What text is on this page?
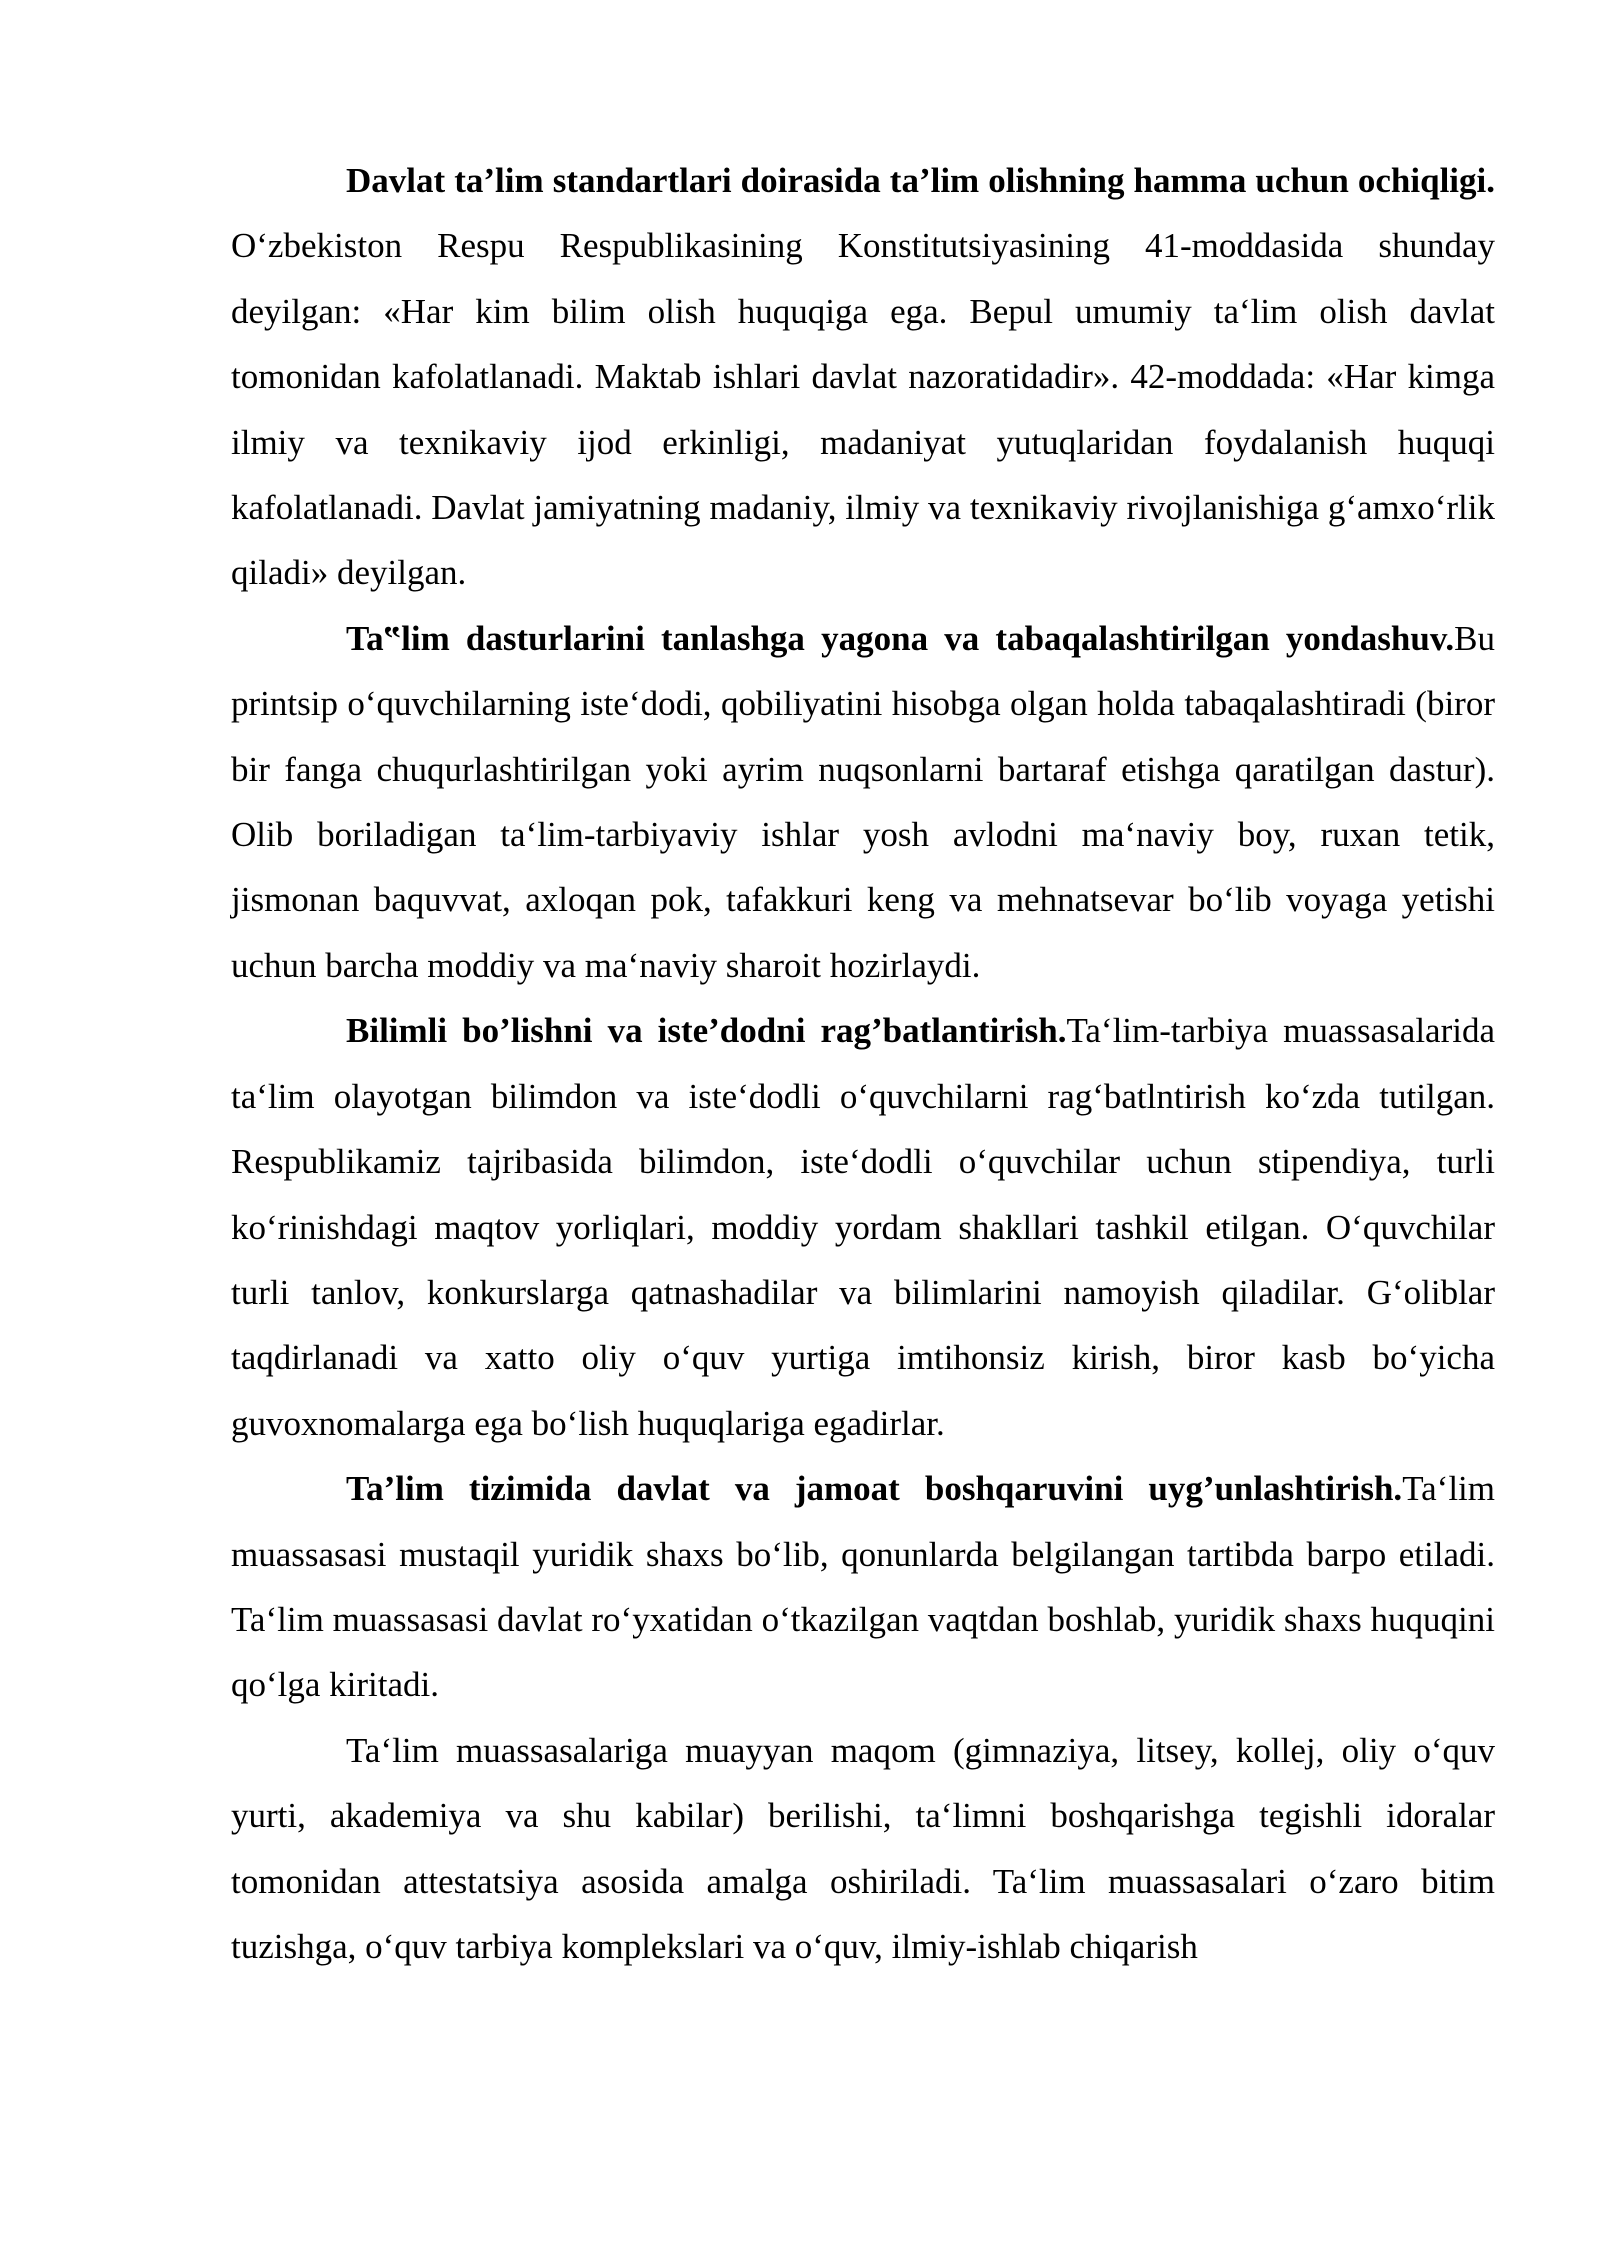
Davlat ta’lim standartlari doirasida ta’lim olishning hamma uchun ochiqligi. O‘zbekiston Respu Respublikasining Konstitutsiyasining 41-moddasida shunday deyilgan: «Har kim bilim olish huquqiga ega. Bepul umumiy ta‘lim olish davlat tomonidan kafolatlanadi. Maktab ishlari davlat nazoratidadir». 42-moddada: «Har kimga ilmiy va texnikaviy ijod erkinligi, madaniyat yutuqlaridan foydalanish huquqi kafolatlanadi. Davlat jamiyatning madaniy, ilmiy va texnikaviy rivojlanishiga g‘amxo‘rlik qiladi» deyilgan.

Ta‟lim dasturlarini tanlashga yagona va tabaqalashtirilgan yondashuv.Bu printsip o‘quvchilarning iste‘dodi, qobiliyatini hisobga olgan holda tabaqalashtiradi (biror bir fanga chuqurlashtirilgan yoki ayrim nuqsonlarni bartaraf etishga qaratilgan dastur). Olib boriladigan ta‘lim-tarbiyaviy ishlar yosh avlodni ma‘naviy boy, ruxan tetik, jismonan baquvvat, axloqan pok, tafakkuri keng va mehnatsevar bo‘lib voyaga yetishi uchun barcha moddiy va ma‘naviy sharoit hozirlaydi.

Bilimli bo’lishni va iste’dodni rag’batlantirish.Ta‘lim-tarbiya muassasalarida ta‘lim olayotgan bilimdon va iste‘dodli o‘quvchilarni rag‘batlntirish ko‘zda tutilgan. Respublikamiz tajribasida bilimdon, iste‘dodli o‘quvchilar uchun stipendiya, turli ko‘rinishdagi maqtov yorliqlari, moddiy yordam shakllari tashkil etilgan. O‘quvchilar turli tanlov, konkurslarga qatnashadilar va bilimlarini namoyish qiladilar. G‘oliblar taqdirlanadi va xatto oliy o‘quv yurtiga imtihonsiz kirish, biror kasb bo‘yicha guvoxnomalarga ega bo‘lish huquqlariga egadirlar.

Ta’lim tizimida davlat va jamoat boshqaruvini uyg’unlashtirish.Ta‘lim muassasasi mustaqil yuridik shaxs bo‘lib, qonunlarda belgilangan tartibda barpo etiladi. Ta‘lim muassasasi davlat ro‘yxatidan o‘tkazilgan vaqtdan boshlab, yuridik shaxs huquqini qo‘lga kiritadi.

Ta‘lim muassasalariga muayyan maqom (gimnaziya, litsey, kollej, oliy o‘quv yurti, akademiya va shu kabilar) berilishi, ta‘limni boshqarishga tegishli idoralar tomonidan attestatsiya asosida amalga oshiriladi. Ta‘lim muassasalari o‘zaro bitim tuzishga, o‘quv tarbiya komplekslari va o‘quv, ilmiy-ishlab chiqarish
